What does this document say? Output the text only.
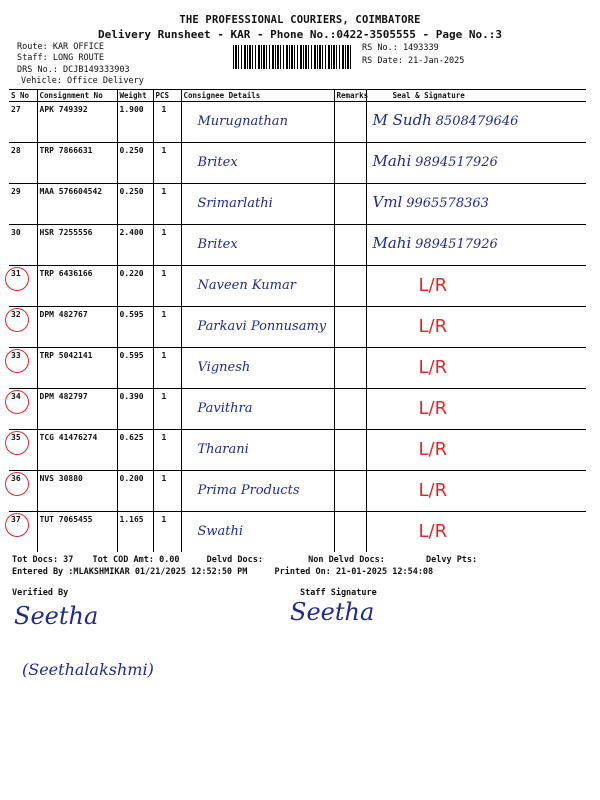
THE PROFESSIONAL COURIERS, COIMBATORE
Delivery Runsheet - KAR - Phone No.:0422-3505555 - Page No.:3
Route: KAR OFFICE
Staff: LONG ROUTE
DRS No.: DCJB149333903
Vehicle: Office Delivery
RS No.: 1493339
RS Date: 21-Jan-2025
S No	Consignment No	Weight	PCS	Consignee Details	Remarks	Seal & Signature
27	APK 749392	1.900	1	Murugnathan		M Sudh 8508479646

28	TRP 7866631	0.250	1	Britex		Mahi 9894517926

29	MAA 576604542	0.250	1	Srimarlathi		Vml 9965578363

30	HSR 7255556	2.400	1	Britex		Mahi 9894517926

31	TRP 6436166	0.220	1	Naveen Kumar		L/R

32	DPM 482767	0.595	1	Parkavi Ponnusamy		L/R

33	TRP 5042141	0.595	1	Vignesh		L/R

34	DPM 482797	0.390	1	Pavithra		L/R

35	TCG 41476274	0.625	1	Tharani		L/R

36	NVS 30880	0.200	1	Prima Products		L/R

37	TUT 7065455	1.165	1	Swathi		L/R
Tot Docs: 37 Tot COD Amt: 0.00	Delvd Docs:	Non Delvd Docs:	Delvy Pts:
Entered By :MLAKSHMIKAR 01/21/2025 12:52:50 PM	Printed On: 21-01-2025 12:54:08
Verified By	Staff Signature
Seetha	Seetha
(Seethalakshmi)
